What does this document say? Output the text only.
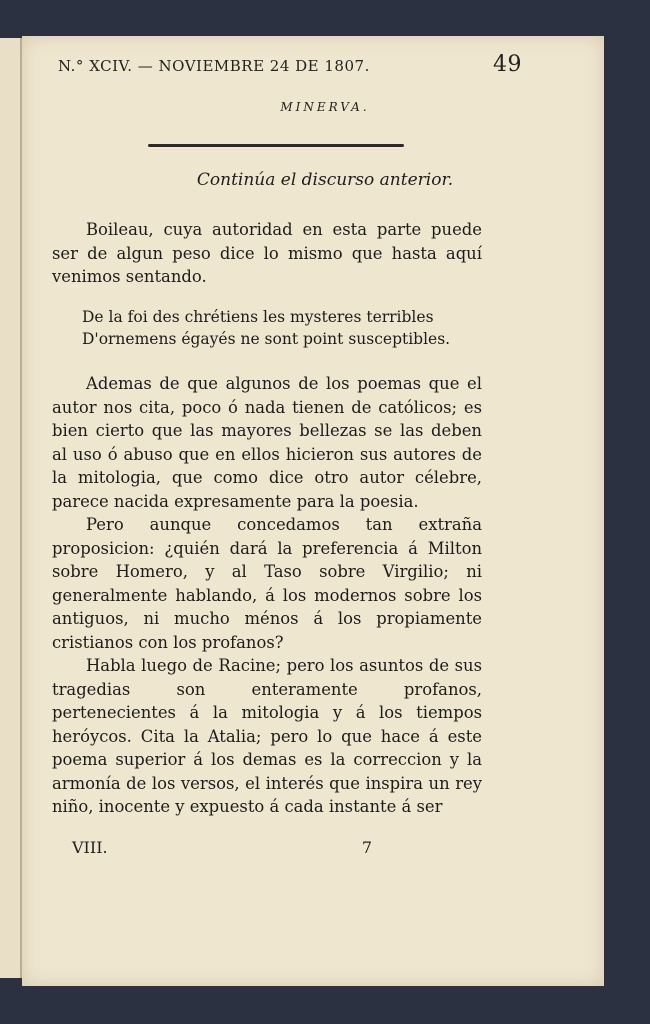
N.° XCIV. — NOVIEMBRE 24 DE 1807.	49
MINERVA.
Continúa el discurso anterior.

Boileau, cuya autoridad en esta parte puede ser de algun peso dice lo mismo que hasta aquí venimos sentando.

De la foi des chrétiens les mysteres terribles

D'ornemens égayés ne sont point susceptibles.

Ademas de que algunos de los poemas que el autor nos cita, poco ó nada tienen de católicos; es bien cierto que las mayores bellezas se las deben al uso ó abuso que en ellos hicieron sus autores de la mitologia, que como dice otro autor célebre, parece nacida expresamente para la poesia.

Pero aunque concedamos tan extraña proposicion: ¿quién dará la preferencia á Milton sobre Homero, y al Taso sobre Virgilio; ni generalmente hablando, á los modernos sobre los antiguos, ni mucho ménos á los propiamente cristianos con los profanos?

Habla luego de Racine; pero los asuntos de sus tragedias son enteramente profanos, pertenecientes á la mitologia y á los tiempos heróycos. Cita la Atalia; pero lo que hace á este poema superior á los demas es la correccion y la armonía de los versos, el interés que inspira un rey niño, inocente y expuesto á cada instante á ser

VIII.	7
